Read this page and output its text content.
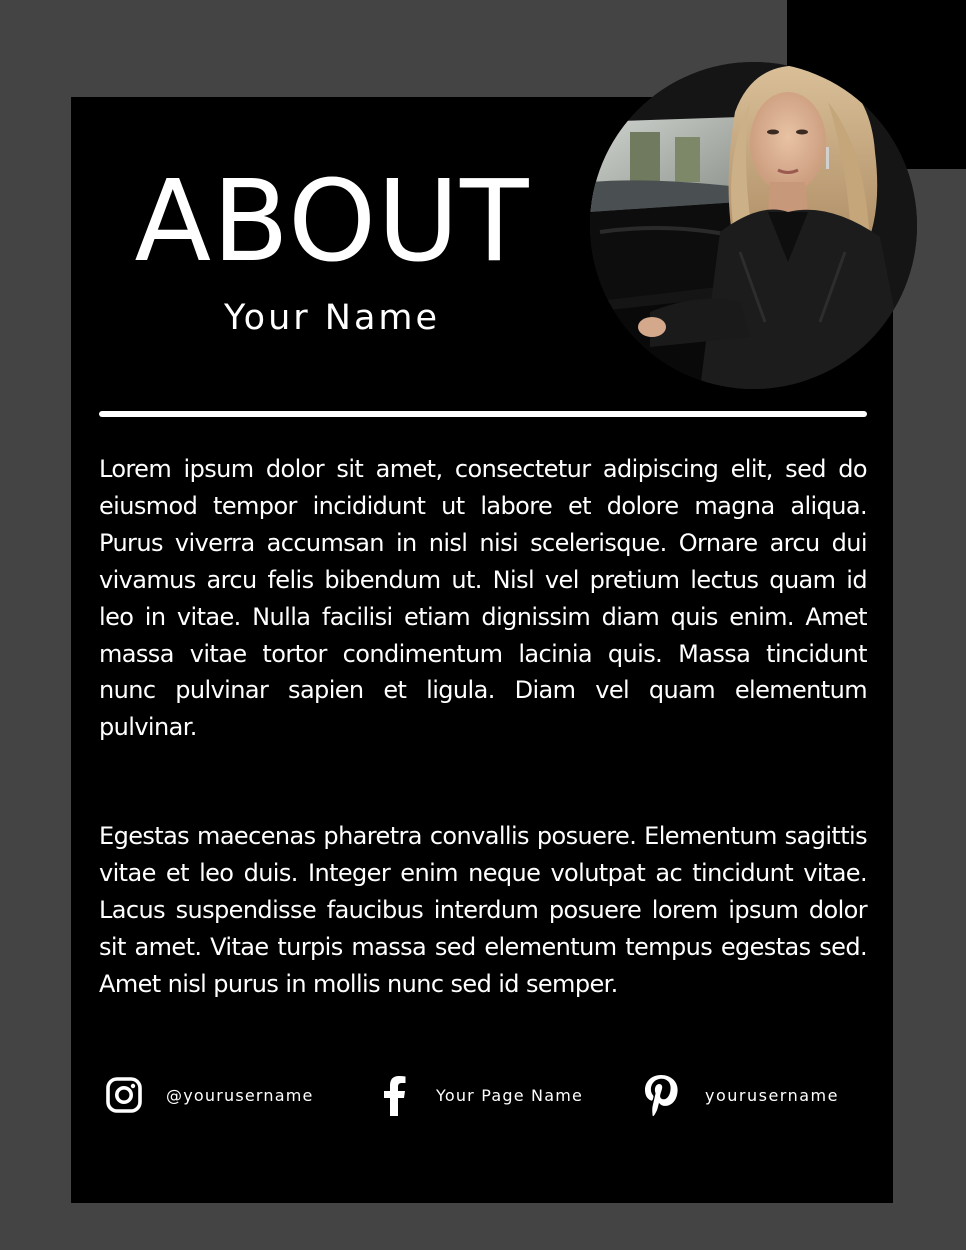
ABOUT
Your Name

Lorem ipsum dolor sit amet, consectetur adipiscing elit, sed do eiusmod tempor incididunt ut labore et dolore magna aliqua. Purus viverra accumsan in nisl nisi scelerisque. Ornare arcu dui vivamus arcu felis bibendum ut. Nisl vel pretium lectus quam id leo in vitae. Nulla facilisi etiam dignissim diam quis enim. Amet massa vitae tortor condimentum lacinia quis. Massa tincidunt nunc pulvinar sapien et ligula. Diam vel quam elementum pulvinar.

Egestas maecenas pharetra convallis posuere. Elementum sagittis vitae et leo duis. Integer enim neque volutpat ac tincidunt vitae. Lacus suspendisse faucibus interdum posuere lorem ipsum dolor sit amet. Vitae turpis massa sed elementum tempus egestas sed. Amet nisl purus in mollis nunc sed id semper.

@yourusername	Your Page Name	yourusername
